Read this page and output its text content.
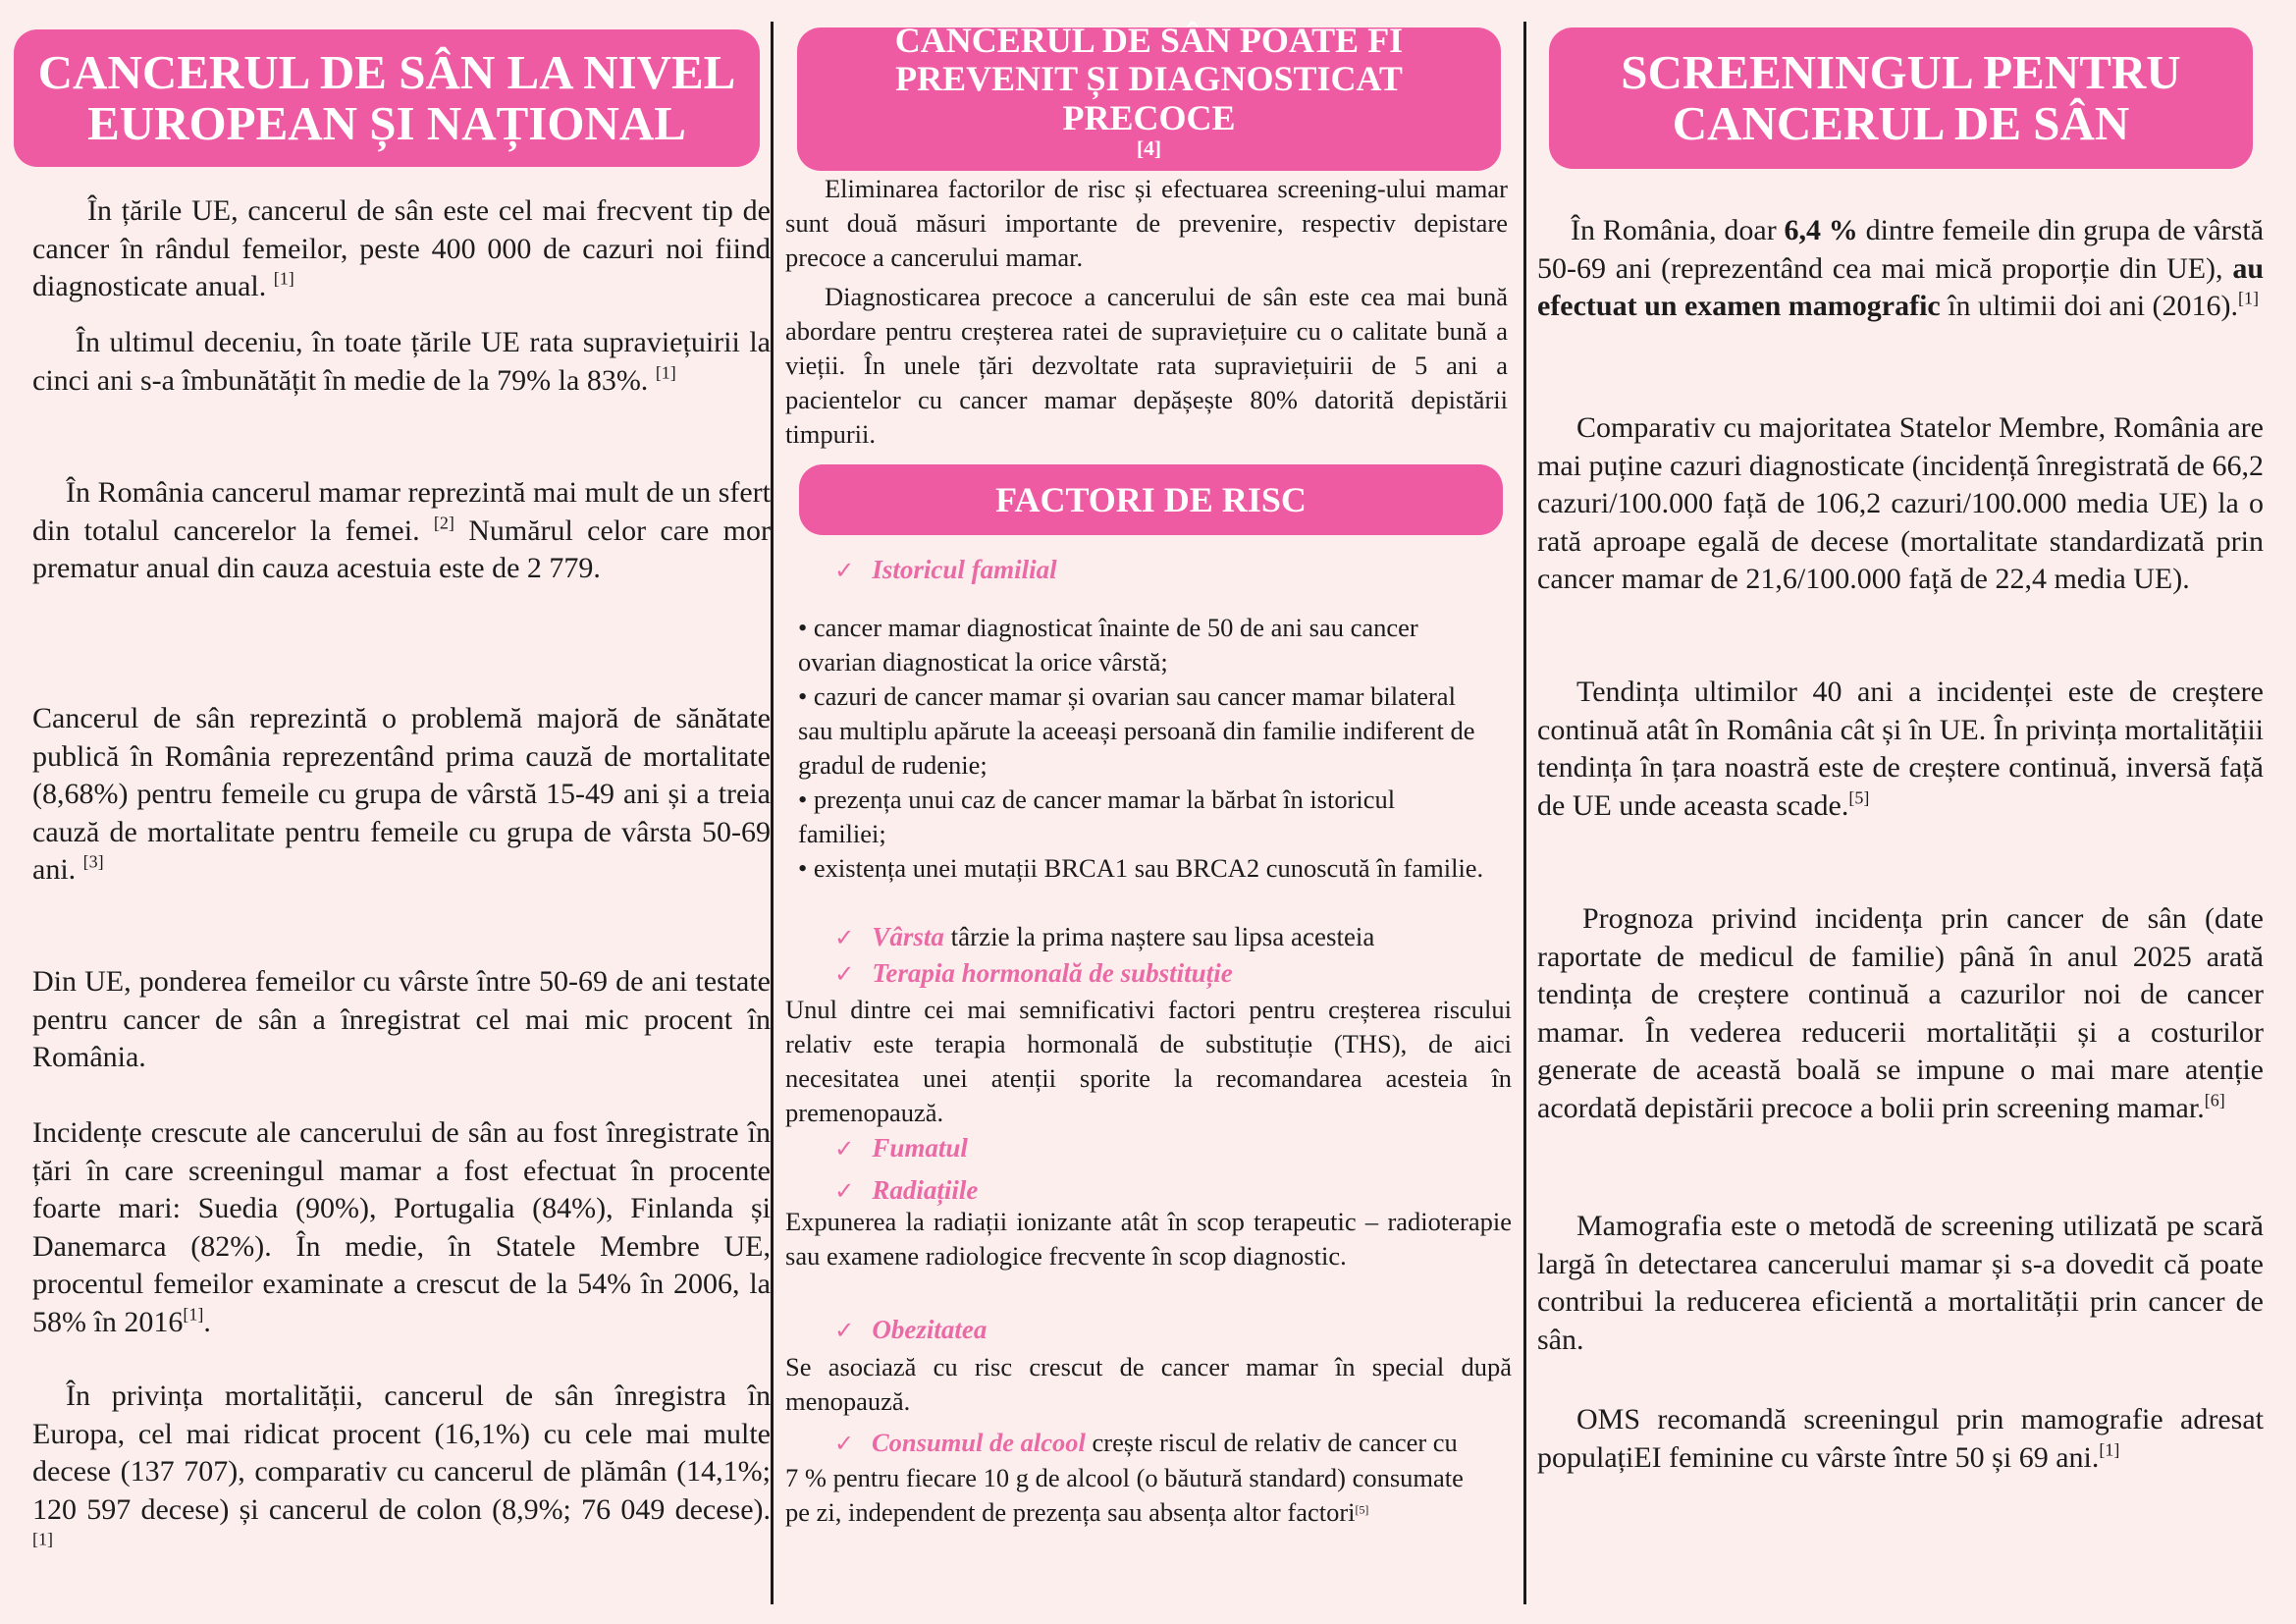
CANCERUL DE SÂN LA NIVEL
EUROPEAN ȘI NAȚIONAL

În țările UE, cancerul de sân este cel mai frecvent tip de cancer în rândul femeilor, peste 400 000 de cazuri noi fiind diagnosticate anual. [1]

În ultimul deceniu, în toate țările UE rata supraviețuirii la cinci ani s-a îmbunătățit în medie de la 79% la 83%. [1]

În România cancerul mamar reprezintă mai mult de un sfert din totalul cancerelor la femei. [2] Numărul celor care mor prematur anual din cauza acestuia este de 2 779.

Cancerul de sân reprezintă o problemă majoră de sănătate publică în România reprezentând prima cauză de mortalitate (8,68%) pentru femeile cu grupa de vârstă 15-49 ani și a treia cauză de mortalitate pentru femeile cu grupa de vârsta 50-69 ani. [3]

Din UE, ponderea femeilor cu vârste între 50-69 de ani testate pentru cancer de sân a înregistrat cel mai mic procent în România.

Incidențe crescute ale cancerului de sân au fost înregistrate în țări în care screeningul mamar a fost efectuat în procente foarte mari: Suedia (90%), Portugalia (84%), Finlanda și Danemarca (82%). În medie, în Statele Membre UE, procentul femeilor examinate a crescut de la 54% în 2006, la 58% în 2016[1].

În privința mortalității, cancerul de sân înregistra în Europa, cel mai ridicat procent (16,1%) cu cele mai multe decese (137 707), comparativ cu cancerul de plămân (14,1%; 120 597 decese) și cancerul de colon (8,9%; 76 049 decese). [1]

CANCERUL DE SÂN POATE FI
PREVENIT ȘI DIAGNOSTICAT
PRECOCE
[4]

Eliminarea factorilor de risc și efectuarea screening-ului mamar sunt două măsuri importante de prevenire, respectiv depistare precoce a cancerului mamar.

Diagnosticarea precoce a cancerului de sân este cea mai bună abordare pentru creșterea ratei de supraviețuire cu o calitate bună a vieții. În unele țări dezvoltate rata supraviețuirii de 5 ani a pacientelor cu cancer mamar depășește 80% datorită depistării timpurii.

FACTORI DE RISC
✓ Istoricul familial
• cancer mamar diagnosticat înainte de 50 de ani sau cancer ovarian diagnosticat la orice vârstă;
• cazuri de cancer mamar și ovarian sau cancer mamar bilateral sau multiplu apărute la aceeași persoană din familie indiferent de gradul de rudenie;
• prezența unui caz de cancer mamar la bărbat în istoricul familiei;
• existența unei mutații BRCA1 sau BRCA2 cunoscută în familie.
✓ Vârsta târzie la prima naștere sau lipsa acesteia
✓ Terapia hormonală de substituție

Unul dintre cei mai semnificativi factori pentru creșterea riscului relativ este terapia hormonală de substituție (THS), de aici necesitatea unei atenții sporite la recomandarea acesteia în premenopauză.

✓ Fumatul
✓ Radiațiile

Expunerea la radiații ionizante atât în scop terapeutic – radioterapie sau examene radiologice frecvente în scop diagnostic.

✓ Obezitatea

Se asociază cu risc crescut de cancer mamar în special după menopauză.

✓ Consumul de alcool crește riscul de relativ de cancer cu 7 % pentru fiecare 10 g de alcool (o băutură standard) consumate pe zi, independent de prezența sau absența altor factori[5]

SCREENINGUL PENTRU
CANCERUL DE SÂN

În România, doar 6,4 % dintre femeile din grupa de vârstă 50-69 ani (reprezentând cea mai mică proporție din UE), au efectuat un examen mamografic în ultimii doi ani (2016).[1]

Comparativ cu majoritatea Statelor Membre, România are mai puține cazuri diagnosticate (incidență înregistrată de 66,2 cazuri/100.000 față de 106,2 cazuri/100.000 media UE) la o rată aproape egală de decese (mortalitate standardizată prin cancer mamar de 21,6/100.000 față de 22,4 media UE).

Tendința ultimilor 40 ani a incidenței este de creștere continuă atât în România cât și în UE. În privința mortalitățiii tendința în țara noastră este de creștere continuă, inversă față de UE unde aceasta scade.[5]

Prognoza privind incidența prin cancer de sân (date raportate de medicul de familie) până în anul 2025 arată tendința de creștere continuă a cazurilor noi de cancer mamar. În vederea reducerii mortalității și a costurilor generate de această boală se impune o mai mare atenție acordată depistării precoce a bolii prin screening mamar.[6]

Mamografia este o metodă de screening utilizată pe scară largă în detectarea cancerului mamar și s-a dovedit că poate contribui la reducerea eficientă a mortalității prin cancer de sân.

OMS recomandă screeningul prin mamografie adresat populațiEI feminine cu vârste între 50 și 69 ani.[1]
